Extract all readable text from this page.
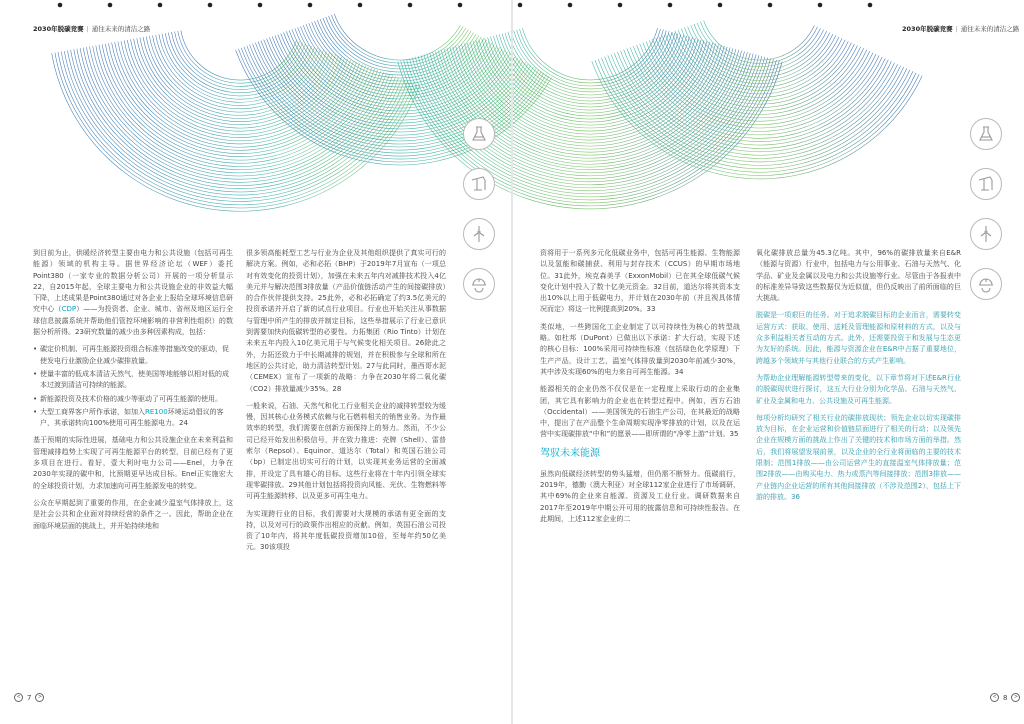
2030年脱碳竞赛 | 通往未来的清洁之路	2030年脱碳竞赛 | 通往未来的清洁之路

到目前为止，供暖经济转型主要由电力和公共设施（包括可再生能源）领域的机构主导。据世界经济论坛（WEF）委托 Point380（一家专业的数据分析公司）开展的一项分析显示22，自2015年起，全球主要电力和公共设施企业的非效益大幅下降，上述成果是Point380通过对各企业上报给全球环境信息研究中心（CDP）——为投资者、企业、城市、省州及地区运行全球信息披露系统并帮助他们管控环境影响的非营利性组织）的数据分析所得。23研究数量的减少由多种因素构成，包括：

• 碳定价机制、可再生能源投资组合标准等措施改变的驱动，促使发电行业激励企业减少碳排放量。
• 使量丰富的低成本清洁天然气，使美国等地能够以相对低的成本过渡到清洁可持续的能源。
• 新能源投资及技术价格的减少等驱动了可再生能源的使用。
• 大型工商界客户所作承诺，如加入RE100环境运动倡议的客户，其承诺转向100%使用可再生能源电力。24

基于预期的实际性进展，基础电力和公共设施企业在未来利益和管理减排趋势上实现了可再生能源平台的转型，目前已经有了更多项目在进行。看好，壹大利时电力公司——Enel，力争在2030年实现的碳中和，比预期更早达成目标。Enel正实施宏大的全球投资计划，力求加速向可再生能源发电的转变。

公众在早期起到了重要的作用，在企业减少温室气体排放上，这是社会公共和企业面对持续经营的条件之一。因此，帮助企业在面临环境层面的挑战上，并开始持续地和

很多领高能耗型工艺与行业为企业及其他组织提供了真实可行的解决方案。例如，必和必拓（BHP）于2019年7月宣布（一项总对有效变化的投资计划），加强在未来五年内对减排技术投入4亿美元并与解决范围3排放量（产品价值链活动产生的间接碳排放）的合作伙伴提供支持。25此外，必和必拓确定了约3.5亿美元的投资承诺并开启了新的试点行业项目。行业也开始关注从事数据与管理中所产生的排放并制定目标，这些举措展示了行业已意识到需要加快向低碳转型的必要性。力拓集团（Rio Tinto）计划在未来五年内投入10亿美元用于与气候变化相关项目。26除此之外，力拓还致力于中长期减排的规划，并在积极参与全球和所在地区的公共讨论，助力清洁转型计划。27与此同时，墨西哥水泥（CEMEX）宣布了一项新的战略：力争在2030年将二氧化碳（CO2）排放量减少35%。28

一般来说，石油、天然气和化工行业相关企业的减排转型较为缓慢，因其核心业务模式依赖与化石燃料相关的销售业务。为作最效率的转型，我们需要在创新方面保持上的努力。然而，不少公司已经开始发出积极信号，并在致力推进：壳牌（Shell）、雷普索尔（Repsol）、Equinor、道达尔（Total）和英国石油公司（bp）已制定出切实可行的计划，以实现其业务运营的全面减排，并设定了具有雄心的目标。这些行业将在十年内引领全球实现零碳排放。29其他计划包括将投资向风能、光伏、生物燃料等可再生能源转移、以及更多可再生电力。

为实现跨行业的目标，我们需要对大规模的承诺有更全面的支持，以及对可行的政策作出相应的贡献。例如，英国石油公司投资了10年内，将其年度低碳投资增加10倍，至每年约50亿美元。30该项投

资将用于一系列多元化低碳业务中，包括可再生能源、生物能源以及氢能和碳捕获、利用与封存技术（CCUS）的早期市场地位。31此外，埃克森美孚（ExxonMobil）已在其全球低碳气候变化计划中投入了数十亿美元资金。32目前，道达尔将其资本支出10%以上用于低碳电力，并计划在2030年前（并且视具体情况而定）将这一比例提高到20%。33

类似地，一些跨国化工企业制定了以可持续性为核心的转型战略。如杜邦（DuPont）已做出以下承诺：扩大行动，实现下述的核心目标：100%采用可持续性标准（包括绿色化学原理）下生产产品，设计工艺，温室气体排放量到2030年前减少30%，其中涉及实现60%的电力来自可再生能源。34

能源相关的企业仍然不仅仅是在一定程度上采取行动的企业集团，其它具有影响力的企业也在转型过程中。例如，西方石油（Occidental）——美国领先的石油生产公司，在其最近的战略中，提出了在产品整个生命周期实现净零排放的计划，以及在运营中实现碳排放“中和”的愿景——即所谓的“净零上游”计划。35

驾驭未来能源

虽然向低碳经济转型的势头猛增，但仍需不断努力。低碳前行，2019年，德勤（澳大利亚）对全球112家企业进行了市场调研，其中69%的企业来自能源、资源及工业行业。调研数据来自2017年至2019年中期公开可用的披露信息和可持续性报告。在此期间，上述112家企业的二

氧化碳排放总量为45.3亿吨。其中，96%的碳排放量来自E&R（能源与资源）行业中，包括电力与公用事业、石油与天然气、化学品、矿业及金属以及电力和公共设施等行业。尽管由于各报表中的标准差异导致这些数据仅为近似值，但仍反映出了前所面临的巨大挑战。

脱碳是一项艰巨的任务。对于追求脱碳目标的企业而言，需要转变运营方式：获取、使用、送耗及管理能源和原材料的方式，以及与众多利益相关者互动的方式。此外，还需要投资于和发展与生态更为友好的系统。因此，能源与资源企业在E&R中占据了重要地位，跨越多个领域并与其他行业联合的方式产生影响。

为帮助企业理解能源转型带来的变化，以下章节将对下述E&R行业的脱碳现状进行探讨，这五大行业分别为化学品、石油与天然气、矿业及金属和电力、公共设施及可再生能源。

每项分析均研究了相关行业的碳排放现状；领先企业以切实现碳排放为目标，在企业运营和价值链层面进行了相关的行动；以及领先企业在规模方面的挑战上作出了关键的技术和市场方面的举措。然后，我们将展望发展前景，以及企业的全行业将面临的主要的技术限制；范围1排放——由公司运营产生的直接温室气体排放量；范围2排放——由购买电力、热力或蒸汽等间接排放；范围3排放——产业链内企业运营的所有其他间接排放（不涉及范围2），包括上下游的排放。36

< 7	>	< 8	>
